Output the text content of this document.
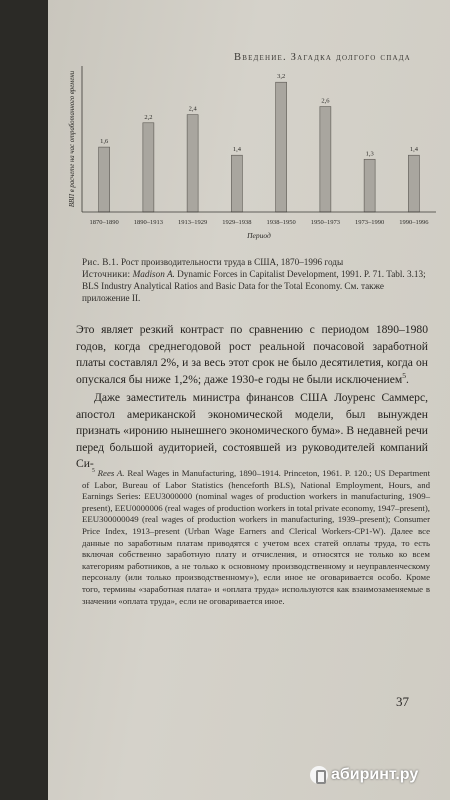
Введение. Загадка долгого спада
1,6
2,2
2,4
1,4
3,2
2,6
1,3
1,4
1870–1890 1890–1913 1913–1929 1929–1938 1938–1950 1950–1973 1973–1990 1990–1996
ВВП в расчете на час отработанного времени
Период
Рис. В.1. Рост производительности труда в США, 1870–1996 годы
Источники: Madison A. Dynamic Forces in Capitalist Development, 1991. P. 71. Tabl. 3.13; BLS Industry Analytical Ratios and Basic Data for the Total Economy. См. также приложение II.

Это являет резкий контраст по сравнению с периодом 1890–1980 годов, когда среднегодовой рост реальной почасовой заработной платы составлял 2%, и за весь этот срок не было десятилетия, когда он опускался бы ниже 1,2%; даже 1930-е годы не были исключением$^5$.

Даже заместитель министра финансов США Лоуренс Саммерс, апостол американской экономической модели, был вынужден признать «иронию нынешнего экономического бума». В недавней речи перед большой аудиторией, состоявшей из руководителей компаний Си-

$^5$ Rees A. Real Wages in Manufacturing, 1890–1914. Princeton, 1961. P. 120.; US Department of Labor, Bureau of Labor Statistics (henceforth BLS), National Employment, Hours, and Earnings Series: EEU3000000 (nominal wages of production workers in manufacturing, 1909–present), EEU0000006 (real wages of production workers in total private economy, 1947–present), EEU300000049 (real wages of production workers in manufacturing, 1939–present); Consumer Price Index, 1913–present (Urban Wage Earners and Clerical Workers-CP1-W). Далее все данные по заработным платам приводятся с учетом всех статей оплаты труда, то есть включая собственно заработную плату и отчисления, и относятся не только ко всем категориям работников, а не только к основному производственному и неуправленческому персоналу (или только производственному»), если иное не оговаривается особо. Кроме того, термины «заработная плата» и «оплата труда» используются как взаимозаменяемые в значении «оплата труда», если не оговаривается иное.

37
абиринт.ру
